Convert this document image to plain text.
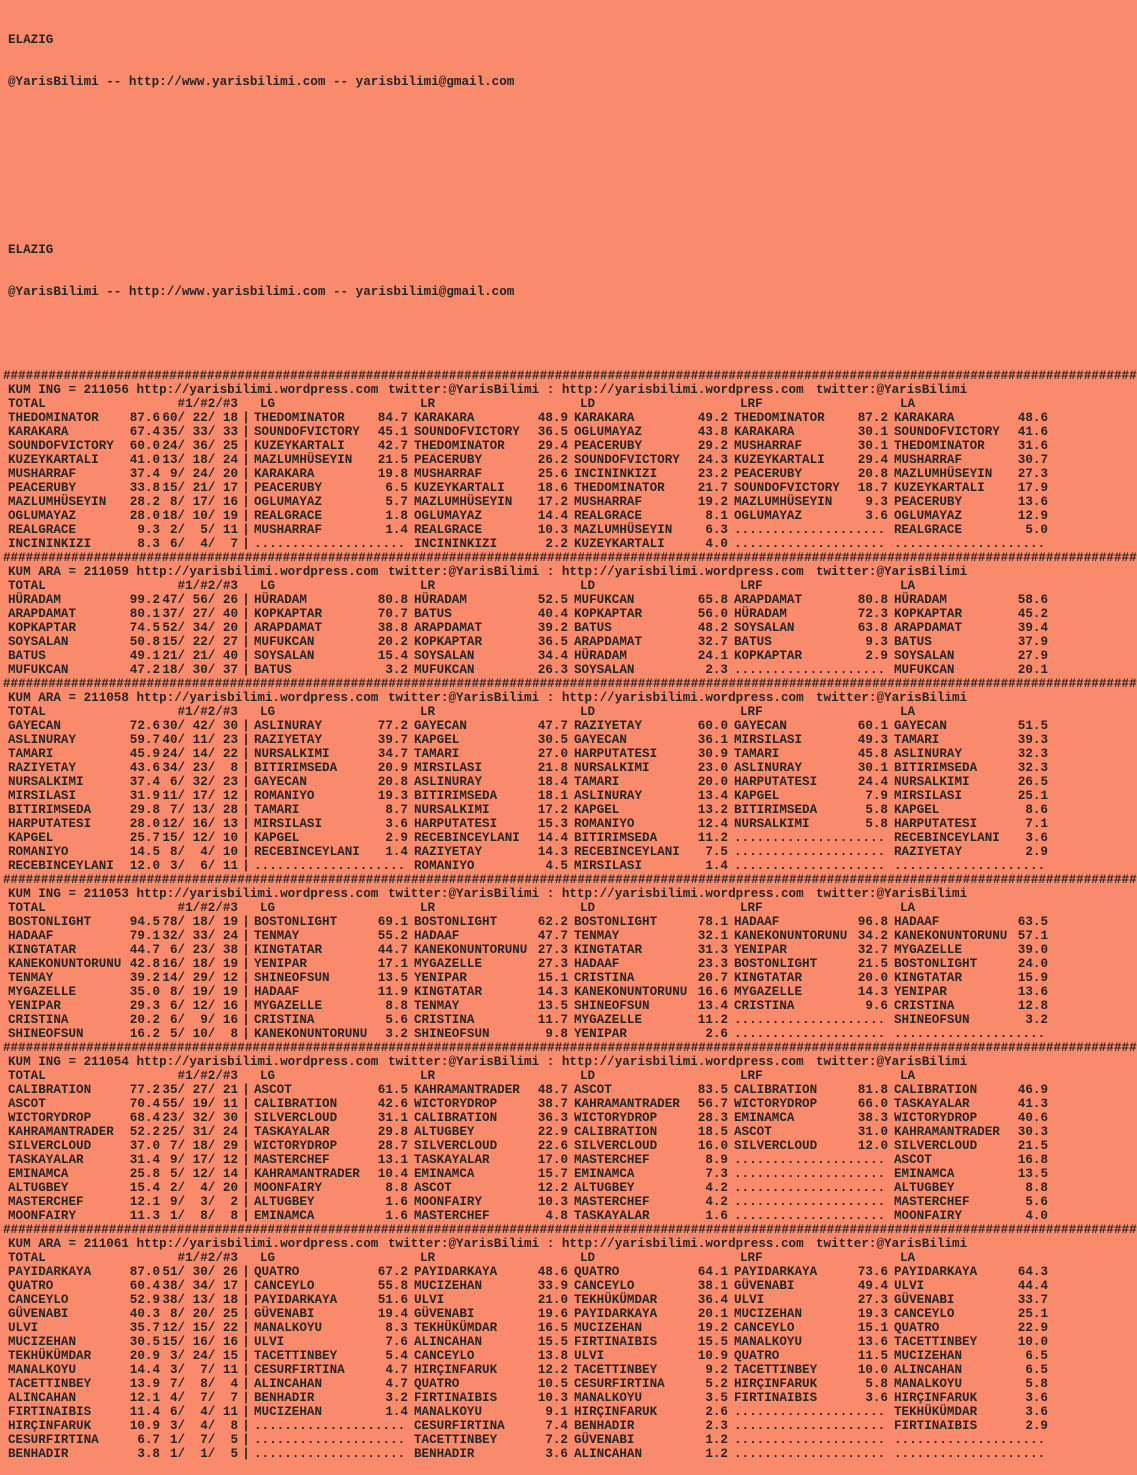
ELAZIG

@YarisBilimi -- http://www.yarisbilimi.com -- yarisbilimi@gmail.com

ELAZIG

@YarisBilimi -- http://www.yarisbilimi.com -- yarisbilimi@gmail.com

######################################################################################################################################################
KUM ING = 211056 http://yarisbilimi.wordpress.com twitter:@YarisBilimi : http://yarisbilimi.wordpress.com twitter:@YarisBilimi
TOTAL	#1/#2/#3 LG	LR	LD	LRF	LA
THEDOMINATOR 87.6 60/ 22/ 18 | THEDOMINATOR	84.7 KARAKARA	48.9 KARAKARA	49.2 THEDOMINATOR	87.2 KARAKARA	48.6
KARAKARA	67.4 35/ 33/ 33 | SOUNDOFVICTORY 45.1 SOUNDOFVICTORY 36.5 OGLUMAYAZ	43.8 KARAKARA	30.1 SOUNDOFVICTORY 41.6
SOUNDOFVICTORY 60.0 24/ 36/ 25 | KUZEYKARTALI	42.7 THEDOMINATOR	29.4 PEACERUBY	29.2 MUSHARRAF	30.1 THEDOMINATOR	31.6
KUZEYKARTALI 41.0 13/ 18/ 24 | MAZLUMHÜSEYIN 21.5 PEACERUBY	26.2 SOUNDOFVICTORY 24.3 KUZEYKARTALI	29.4 MUSHARRAF	30.7
MUSHARRAF	37.4 9/ 24/ 20 | KARAKARA	19.8 MUSHARRAF	25.6 INCININKIZI	23.2 PEACERUBY	20.8 MAZLUMHÜSEYIN 27.3
PEACERUBY	33.8 15/ 21/ 17 | PEACERUBY	6.5 KUZEYKARTALI	18.6 THEDOMINATOR	21.7 SOUNDOFVICTORY 18.7 KUZEYKARTALI	17.9
MAZLUMHÜSEYIN 28.2 8/ 17/ 16 | OGLUMAYAZ	5.7 MAZLUMHÜSEYIN 17.2 MUSHARRAF	19.2 MAZLUMHÜSEYIN	9.3 PEACERUBY	13.6
OGLUMAYAZ	28.0 18/ 10/ 19 | REALGRACE	1.8 OGLUMAYAZ	14.4 REALGRACE	8.1 OGLUMAYAZ	3.6 OGLUMAYAZ	12.9
REALGRACE	9.3 2/  5/ 11 | MUSHARRAF	1.4 REALGRACE	10.3 MAZLUMHÜSEYIN	6.3 .................... REALGRACE	5.0
INCININKIZI	8.3 6/  4/  7 | .................... INCININKIZI	2.2 KUZEYKARTALI	4.0 .................... ....................
######################################################################################################################################################
KUM ARA = 211059 http://yarisbilimi.wordpress.com twitter:@YarisBilimi : http://yarisbilimi.wordpress.com twitter:@YarisBilimi
TOTAL	#1/#2/#3 LG	LR	LD	LRF	LA
HÜRADAM	99.2 47/ 56/ 26 | HÜRADAM	80.8 HÜRADAM	52.5 MUFUKCAN	65.8 ARAPDAMAT	80.8 HÜRADAM	58.6
ARAPDAMAT	80.1 37/ 27/ 40 | KOPKAPTAR	70.7 BATUS	40.4 KOPKAPTAR	56.0 HÜRADAM	72.3 KOPKAPTAR	45.2
KOPKAPTAR	74.5 52/ 34/ 20 | ARAPDAMAT	38.8 ARAPDAMAT	39.2 BATUS	48.2 SOYSALAN	63.8 ARAPDAMAT	39.4
SOYSALAN	50.8 15/ 22/ 27 | MUFUKCAN	20.2 KOPKAPTAR	36.5 ARAPDAMAT	32.7 BATUS	9.3 BATUS	37.9
BATUS	49.1 21/ 21/ 40 | SOYSALAN	15.4 SOYSALAN	34.4 HÜRADAM	24.1 KOPKAPTAR	2.9 SOYSALAN	27.9
MUFUKCAN	47.2 18/ 30/ 37 | BATUS	3.2 MUFUKCAN	26.3 SOYSALAN	2.3 .................... MUFUKCAN	20.1
######################################################################################################################################################
KUM ARA = 211058 http://yarisbilimi.wordpress.com twitter:@YarisBilimi : http://yarisbilimi.wordpress.com twitter:@YarisBilimi
TOTAL	#1/#2/#3 LG	LR	LD	LRF	LA
GAYECAN	72.6 30/ 42/ 30 | ASLINURAY	77.2 GAYECAN	47.7 RAZIYETAY	60.0 GAYECAN	60.1 GAYECAN	51.5
ASLINURAY	59.7 40/ 11/ 23 | RAZIYETAY	39.7 KAPGEL	30.5 GAYECAN	36.1 MIRSILASI	49.3 TAMARI	39.3
TAMARI	45.9 24/ 14/ 22 | NURSALKIMI	34.7 TAMARI	27.0 HARPUTATESI	30.9 TAMARI	45.8 ASLINURAY	32.3
RAZIYETAY	43.6 34/ 23/  8 | BITIRIMSEDA	20.9 MIRSILASI	21.8 NURSALKIMI	23.0 ASLINURAY	30.1 BITIRIMSEDA	32.3
NURSALKIMI	37.4 6/ 32/ 23 | GAYECAN	20.8 ASLINURAY	18.4 TAMARI	20.0 HARPUTATESI	24.4 NURSALKIMI	26.5
MIRSILASI	31.9 11/ 17/ 12 | ROMANIYO	19.3 BITIRIMSEDA	18.1 ASLINURAY	13.4 KAPGEL	7.9 MIRSILASI	25.1
BITIRIMSEDA	29.8 7/ 13/ 28 | TAMARI	8.7 NURSALKIMI	17.2 KAPGEL	13.2 BITIRIMSEDA	5.8 KAPGEL	8.6
HARPUTATESI	28.0 12/ 16/ 13 | MIRSILASI	3.6 HARPUTATESI	15.3 ROMANIYO	12.4 NURSALKIMI	5.8 HARPUTATESI	7.1
KAPGEL	25.7 15/ 12/ 10 | KAPGEL	2.9 RECEBINCEYLANI 14.4 BITIRIMSEDA	11.2 .................... RECEBINCEYLANI 3.6
ROMANIYO	14.5 8/  4/ 10 | RECEBINCEYLANI 1.4 RAZIYETAY	14.3 RECEBINCEYLANI 7.5 .................... RAZIYETAY	2.9
RECEBINCEYLANI 12.0 3/  6/ 11 | .................... ROMANIYO	4.5 MIRSILASI	1.4 .................... ....................
######################################################################################################################################################
KUM ING = 211053 http://yarisbilimi.wordpress.com twitter:@YarisBilimi : http://yarisbilimi.wordpress.com twitter:@YarisBilimi
TOTAL	#1/#2/#3 LG	LR	LD	LRF	LA
BOSTONLIGHT	94.5 78/ 18/ 19 | BOSTONLIGHT	69.1 BOSTONLIGHT	62.2 BOSTONLIGHT	78.1 HADAAF	96.8 HADAAF	63.5
HADAAF	79.1 32/ 33/ 24 | TENMAY	55.2 HADAAF	47.7 TENMAY	32.1 KANEKONUNTORUNU 34.2 KANEKONUNTORUNU 57.1
KINGTATAR	44.7 6/ 23/ 38 | KINGTATAR	44.7 KANEKONUNTORUNU 27.3 KINGTATAR	31.3 YENIPAR	32.7 MYGAZELLE	39.0
KANEKONUNTORUNU 42.8 16/ 18/ 19 | YENIPAR	17.1 MYGAZELLE	27.3 HADAAF	23.3 BOSTONLIGHT	21.5 BOSTONLIGHT	24.0
TENMAY	39.2 14/ 29/ 12 | SHINEOFSUN	13.5 YENIPAR	15.1 CRISTINA	20.7 KINGTATAR	20.0 KINGTATAR	15.9
MYGAZELLE	35.0 8/ 19/ 19 | HADAAF	11.9 KINGTATAR	14.3 KANEKONUNTORUNU 16.6 MYGAZELLE	14.3 YENIPAR	13.6
YENIPAR	29.3 6/ 12/ 16 | MYGAZELLE	8.8 TENMAY	13.5 SHINEOFSUN	13.4 CRISTINA	9.6 CRISTINA	12.8
CRISTINA	20.2 6/  9/ 16 | CRISTINA	5.6 CRISTINA	11.7 MYGAZELLE	11.2 .................... SHINEOFSUN	3.2
SHINEOFSUN	16.2 5/ 10/  8 | KANEKONUNTORUNU 3.2 SHINEOFSUN	9.8 YENIPAR	2.6 .................... ....................
######################################################################################################################################################
KUM ING = 211054 http://yarisbilimi.wordpress.com twitter:@YarisBilimi : http://yarisbilimi.wordpress.com twitter:@YarisBilimi
TOTAL	#1/#2/#3 LG	LR	LD	LRF	LA
CALIBRATION	77.2 35/ 27/ 21 | ASCOT	61.5 KAHRAMANTRADER 48.7 ASCOT	83.5 CALIBRATION	81.8 CALIBRATION	46.9
ASCOT	70.4 55/ 19/ 11 | CALIBRATION	42.6 WICTORYDROP	38.7 KAHRAMANTRADER 56.7 WICTORYDROP	66.0 TASKAYALAR	41.3
WICTORYDROP	68.4 23/ 32/ 30 | SILVERCLOUD	31.1 CALIBRATION	36.3 WICTORYDROP	28.3 EMINAMCA	38.3 WICTORYDROP	40.6
KAHRAMANTRADER 52.2 25/ 31/ 24 | TASKAYALAR	29.8 ALTUGBEY	22.9 CALIBRATION	18.5 ASCOT	31.0 KAHRAMANTRADER 30.3
SILVERCLOUD	37.0 7/ 18/ 29 | WICTORYDROP	28.7 SILVERCLOUD	22.6 SILVERCLOUD	16.0 SILVERCLOUD	12.0 SILVERCLOUD	21.5
TASKAYALAR	31.4 9/ 17/ 12 | MASTERCHEF	13.1 TASKAYALAR	17.0 MASTERCHEF	8.9 .................... ASCOT	16.8
EMINAMCA	25.8 5/ 12/ 14 | KAHRAMANTRADER 10.4 EMINAMCA	15.7 EMINAMCA	7.3 .................... EMINAMCA	13.5
ALTUGBEY	15.4 2/  4/ 20 | MOONFAIRY	8.8 ASCOT	12.2 ALTUGBEY	4.2 .................... ALTUGBEY	8.8
MASTERCHEF	12.1 9/  3/  2 | ALTUGBEY	1.6 MOONFAIRY	10.3 MASTERCHEF	4.2 .................... MASTERCHEF	5.6
MOONFAIRY	11.3 1/  8/  8 | EMINAMCA	1.6 MASTERCHEF	4.8 TASKAYALAR	1.6 .................... MOONFAIRY	4.0
######################################################################################################################################################
KUM ARA = 211061 http://yarisbilimi.wordpress.com twitter:@YarisBilimi : http://yarisbilimi.wordpress.com twitter:@YarisBilimi
TOTAL	#1/#2/#3 LG	LR	LD	LRF	LA
PAYIDARKAYA	87.0 51/ 30/ 26 | QUATRO	67.2 PAYIDARKAYA	48.6 QUATRO	64.1 PAYIDARKAYA	73.6 PAYIDARKAYA	64.3
QUATRO	60.4 38/ 34/ 17 | CANCEYLO	55.8 MUCIZEHAN	33.9 CANCEYLO	38.1 GÜVENABI	49.4 ULVI	44.4
CANCEYLO	52.9 38/ 13/ 18 | PAYIDARKAYA	51.6 ULVI	21.0 TEKHÜKÜMDAR	36.4 ULVI	27.3 GÜVENABI	33.7
GÜVENABI	40.3 8/ 20/ 25 | GÜVENABI	19.4 GÜVENABI	19.6 PAYIDARKAYA	20.1 MUCIZEHAN	19.3 CANCEYLO	25.1
ULVI	35.7 12/ 15/ 22 | MANALKOYU	8.3 TEKHÜKÜMDAR	16.5 MUCIZEHAN	19.2 CANCEYLO	15.1 QUATRO	22.9
MUCIZEHAN	30.5 15/ 16/ 16 | ULVI	7.6 ALINCAHAN	15.5 FIRTINAIBIS	15.5 MANALKOYU	13.6 TACETTINBEY	10.0
TEKHÜKÜMDAR	20.9 3/ 24/ 15 | TACETTINBEY	5.4 CANCEYLO	13.8 ULVI	10.9 QUATRO	11.5 MUCIZEHAN	6.5
MANALKOYU	14.4 3/  7/ 11 | CESURFIRTINA	4.7 HIRÇINFARUK	12.2 TACETTINBEY	9.2 TACETTINBEY	10.0 ALINCAHAN	6.5
TACETTINBEY	13.9 7/  8/  4 | ALINCAHAN	4.7 QUATRO	10.5 CESURFIRTINA	5.2 HIRÇINFARUK	5.8 MANALKOYU	5.8
ALINCAHAN	12.1 4/  7/  7 | BENHADIR	3.2 FIRTINAIBIS	10.3 MANALKOYU	3.5 FIRTINAIBIS	3.6 HIRÇINFARUK	3.6
FIRTINAIBIS	11.4 6/  4/ 11 | MUCIZEHAN	1.4 MANALKOYU	9.1 HIRÇINFARUK	2.6 .................... TEKHÜKÜMDAR	3.6
HIRÇINFARUK	10.9 3/  4/  8 | .................... CESURFIRTINA	7.4 BENHADIR	2.3 .................... FIRTINAIBIS	2.9
CESURFIRTINA	6.7 1/  7/  5 | .................... TACETTINBEY	7.2 GÜVENABI	1.2 .................... ....................
BENHADIR	3.8 1/  1/  5 | .................... BENHADIR	3.6 ALINCAHAN	1.2 .................... ....................
